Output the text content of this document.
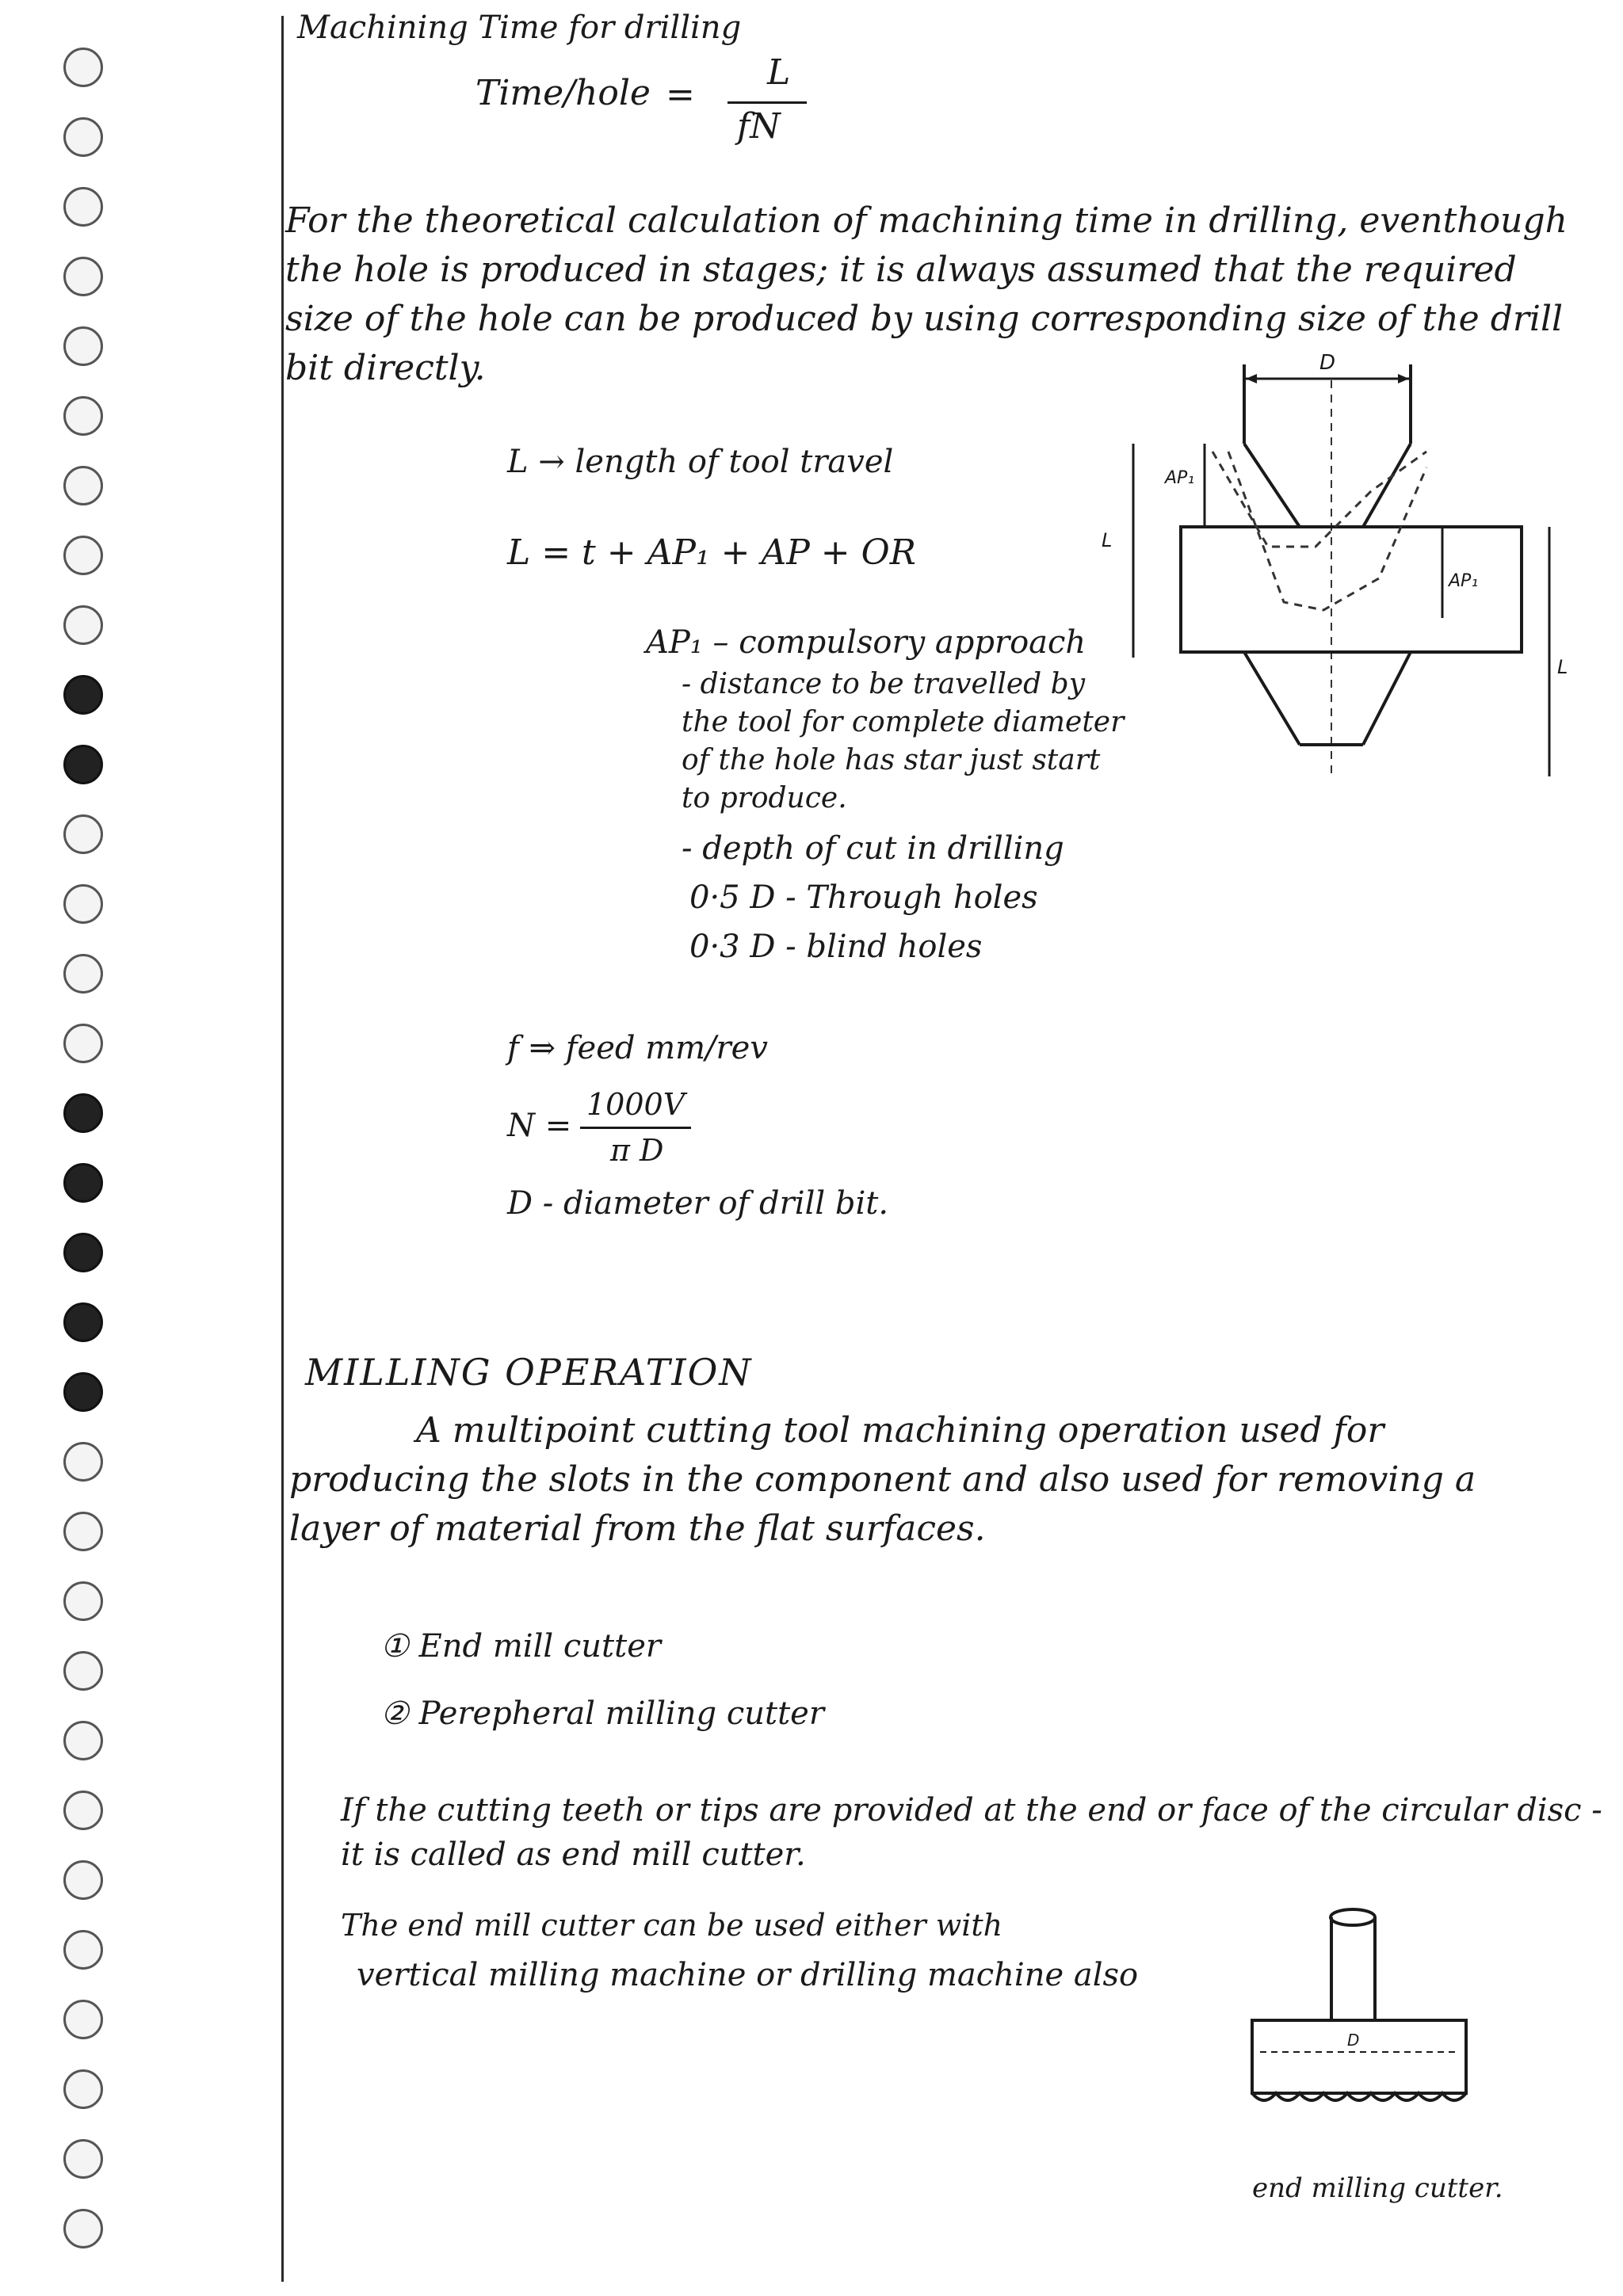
Machining Time for drilling
Time/hole =
L
fN
For the theoretical calculation of machining time in drilling, eventhough the hole is produced in stages; it is always assumed that the required size of the hole can be produced by using corresponding size of the drill bit directly.
L → length of tool travel
L = t + AP₁ + AP + OR
AP₁ – compulsory approach
- distance to be travelled by the tool for complete diameter of the hole has star just start to produce.
- depth of cut in drilling
0·5 D - Through holes
0·3 D - blind holes
f ⇒ feed mm/rev
N =
1000V
π D
D - diameter of drill bit.
D
AP₁
L
AP₁
L
MILLING OPERATION
A multipoint cutting tool machining operation used for producing the slots in the component and also used for removing a layer of material from the flat surfaces.
① End mill cutter
② Perepheral milling cutter
If the cutting teeth or tips are provided at the end or face of the circular disc -
it is called as end mill cutter.
The end mill cutter can be used either with
vertical milling machine or drilling machine also
D
end milling cutter.
